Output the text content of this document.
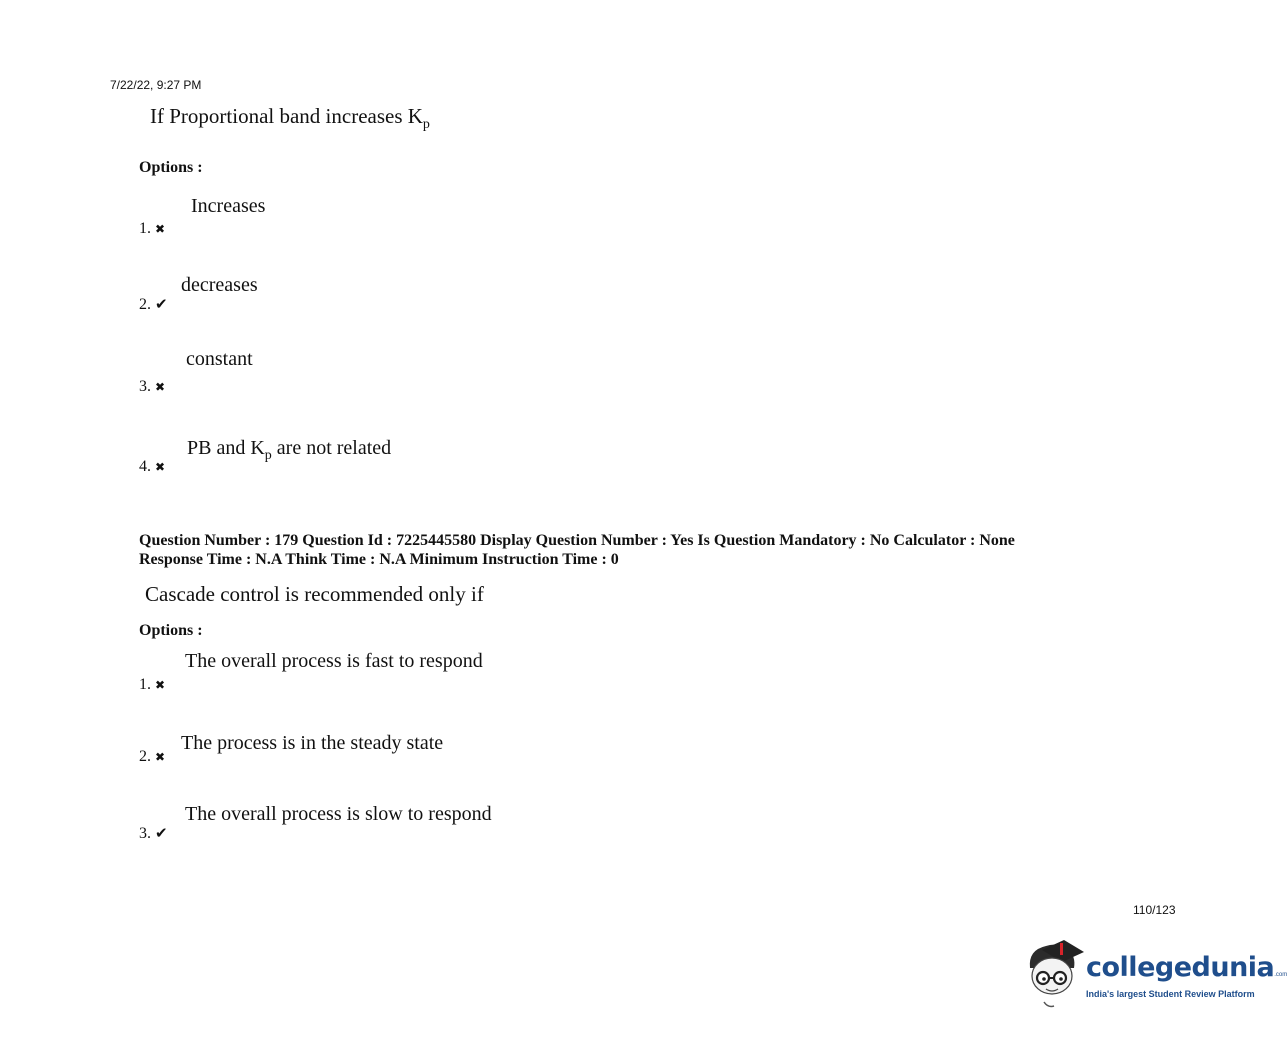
7/22/22, 9:27 PM
If Proportional band increases $K_p$
Options :
Increases
1. ✖
decreases
2. ✔
constant
3. ✖
PB and $K_p$ are not related
4. ✖
Question Number : 179 Question Id : 7225445580 Display Question Number : Yes Is Question Mandatory : No Calculator : None
Response Time : N.A Think Time : N.A Minimum Instruction Time : 0
Cascade control is recommended only if
Options :
The overall process is fast to respond
1. ✖
The process is in the steady state
2. ✖
The overall process is slow to respond
3. ✔
110/123
collegedunia.com
India's largest Student Review Platform
